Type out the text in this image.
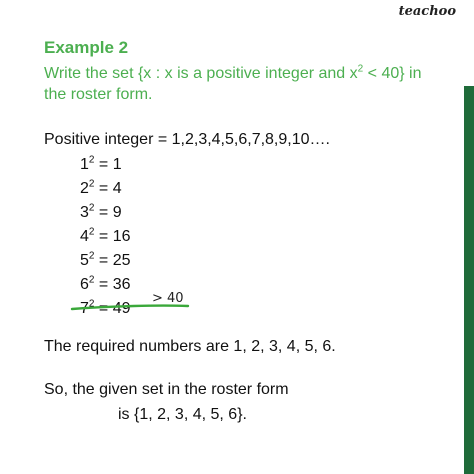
teachoo
Example 2
Write the set {x : x is a positive integer and $x^2 < 40$} in the roster form.
Positive integer = 1,2,3,4,5,6,7,8,9,10….
$1^2 = 1$
$2^2 = 4$
$3^2 = 9$
$4^2 = 16$
$5^2 = 25$
$6^2 = 36$
$7^2 = 49$
> 40
The required numbers are 1, 2, 3, 4, 5, 6.
So, the given set in the roster form
is {1, 2, 3, 4, 5, 6}.
